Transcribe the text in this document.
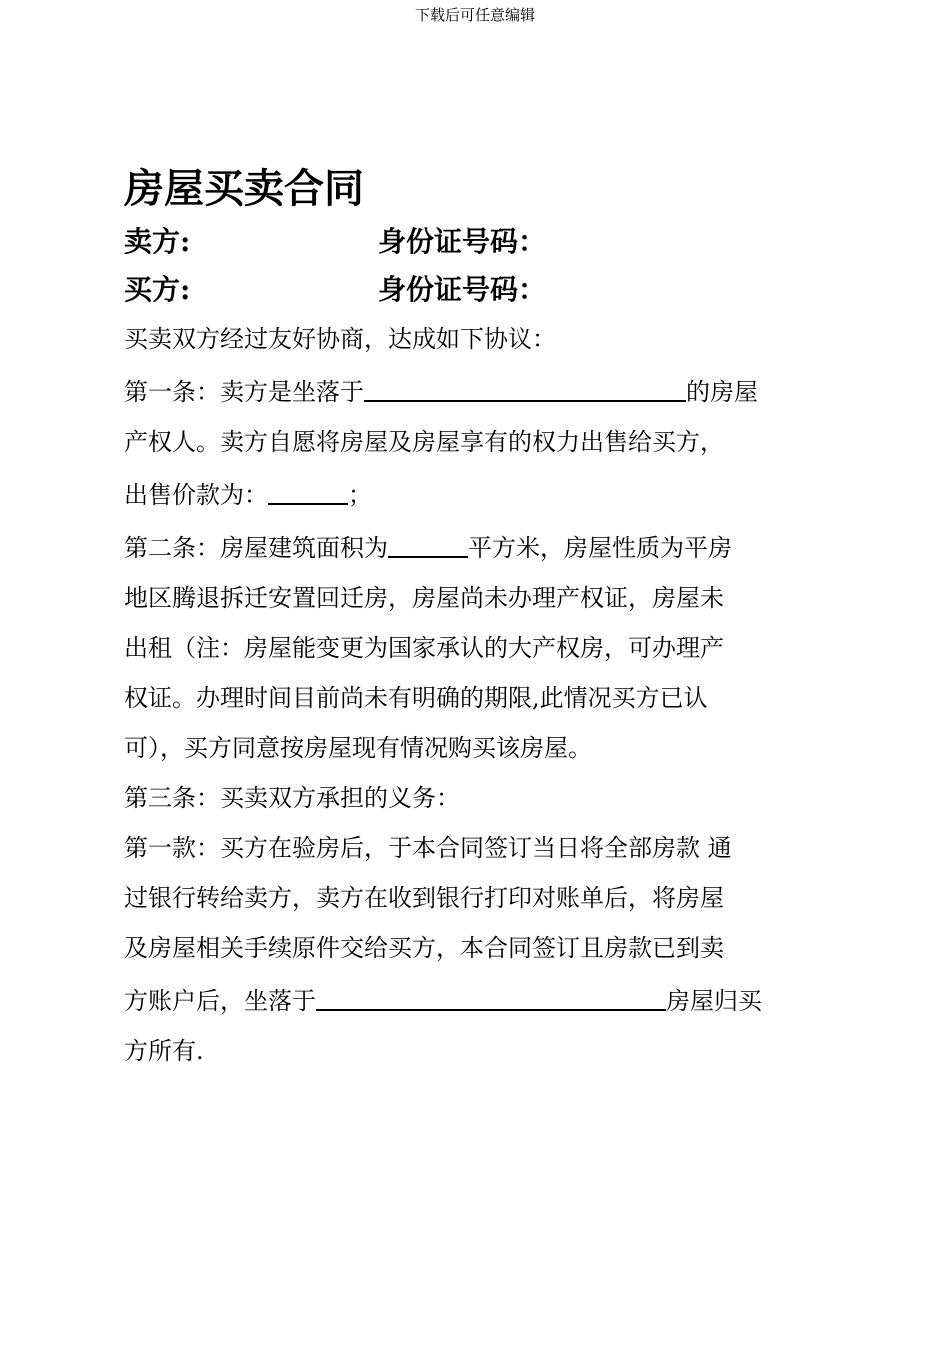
下载后可任意编辑
房屋买卖合同
卖方:	身份证号码：
买方:	身份证号码：
买卖双方经过友好协商，达成如下协议：
第一条：卖方是坐落于	的房屋
产权人。卖方自愿将房屋及房屋享有的权力出售给买方，
出售价款为：	；
第二条：房屋建筑面积为	平方米，房屋性质为平房
地区腾退拆迁安置回迁房，房屋尚未办理产权证，房屋未
出租（注：房屋能变更为国家承认的大产权房，可办理产
权证。办理时间目前尚未有明确的期限,此情况买方已认
可），买方同意按房屋现有情况购买该房屋。
第三条：买卖双方承担的义务：
第一款：买方在验房后，于本合同签订当日将全部房款 通
过银行转给卖方，卖方在收到银行打印对账单后，将房屋
及房屋相关手续原件交给买方，本合同签订且房款已到卖
方账户后，坐落于	房屋归买
方所有.
